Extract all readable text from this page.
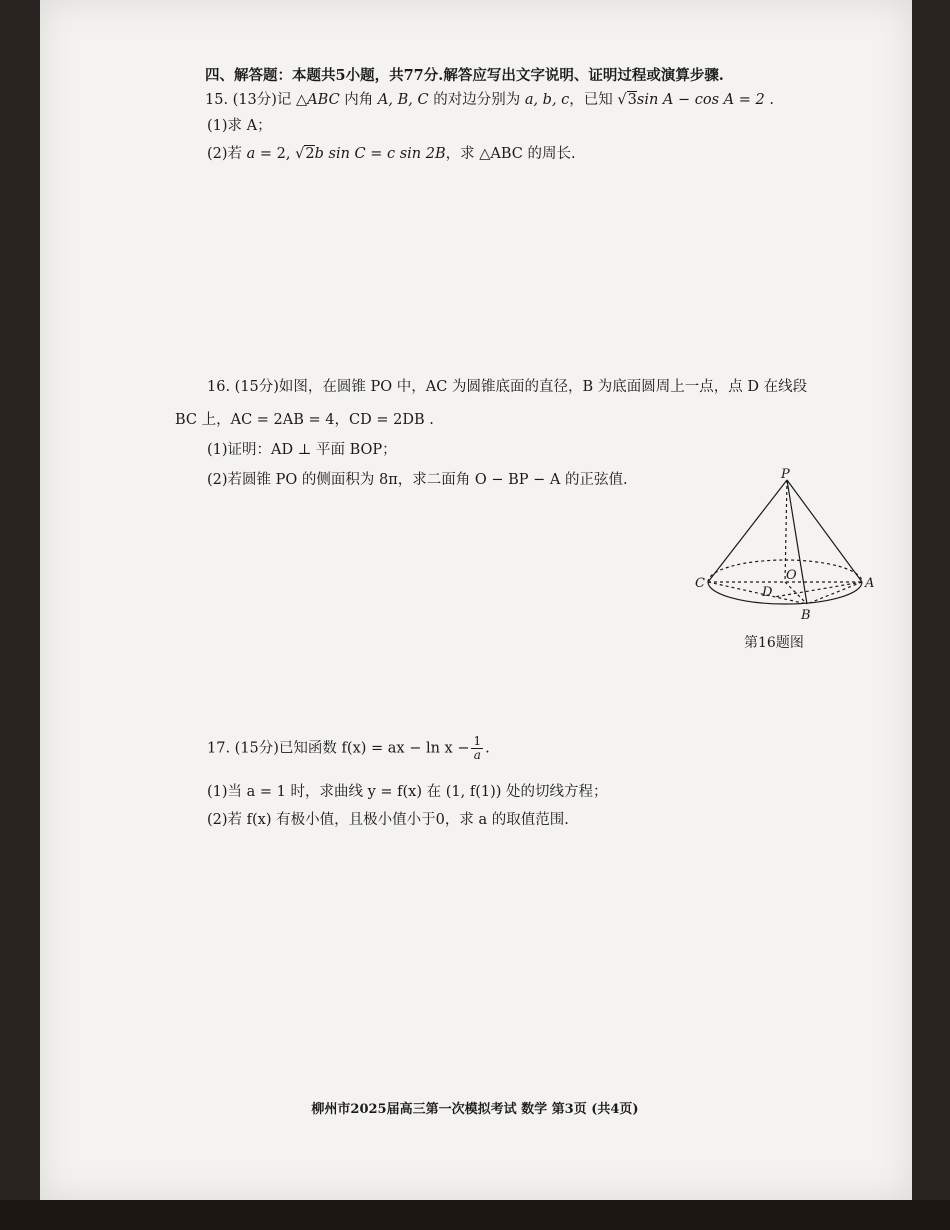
四、解答题：本题共5小题，共77分.解答应写出文字说明、证明过程或演算步骤.
15. (13分)记 △ABC 内角 A, B, C 的对边分别为 a, b, c，已知 √3sin A − cos A = 2 .
(1)求 A；
(2)若 a = 2, √2b sin C = c sin 2B，求 △ABC 的周长.
16. (15分)如图，在圆锥 PO 中，AC 为圆锥底面的直径，B 为底面圆周上一点，点 D 在线段
BC 上，AC = 2AB = 4，CD = 2DB .
(1)证明：AD ⊥ 平面 BOP；
(2)若圆锥 PO 的侧面积为 8π，求二面角 O − BP − A 的正弦值.	P
O
C	A
D
B
第16题图
17. (15分)已知函数 f(x) = ax − $\ln x - \frac{1}{a}$ .
(1)当 a = 1 时，求曲线 y = f(x) 在 (1, f(1)) 处的切线方程；
(2)若 f(x) 有极小值，且极小值小于0，求 a 的取值范围.
柳州市2025届高三第一次模拟考试 数学 第3页 (共4页)
